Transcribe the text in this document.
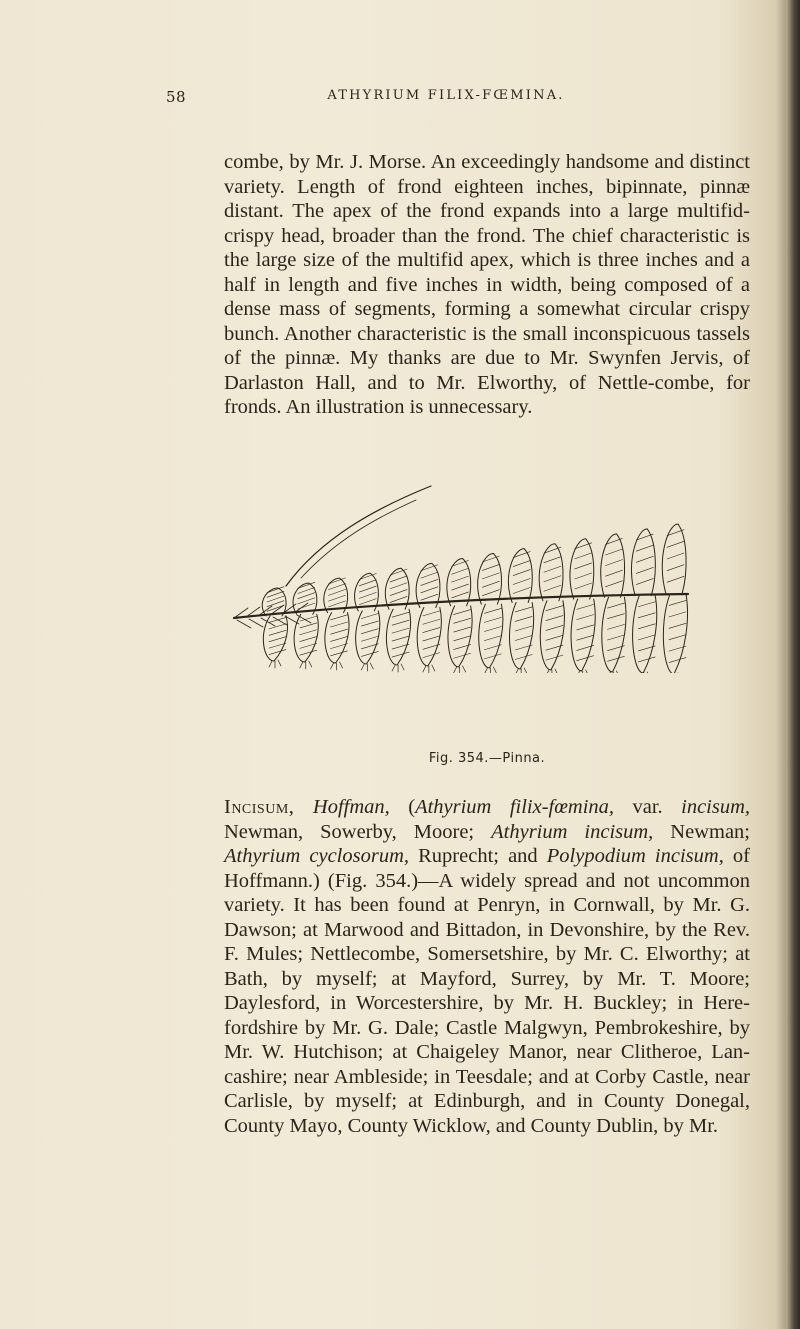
58	ATHYRIUM FILIX-FŒMINA.

combe, by Mr. J. Morse. An exceedingly handsome and distinct variety. Length of frond eighteen inches, bipinnate, pinnæ distant. The apex of the frond expands into a large multifid-crispy head, broader than the frond. The chief characteristic is the large size of the multifid apex, which is three inches and a half in length and five inches in width, being composed of a dense mass of segments, forming a somewhat circular crispy bunch. Another characteristic is the small inconspicuous tassels of the pinnæ. My thanks are due to Mr. Swynfen Jervis, of Darlaston Hall, and to Mr. Elworthy, of Nettle-combe, for fronds. An illustration is unnecessary.

Fig. 354.—Pinna.

Incisum, Hoffman, (Athyrium filix-fœmina, var. incisum, Newman, Sowerby, Moore; Athyrium incisum, Newman; Athyrium cyclosorum, Ruprecht; and Polypodium incisum, of Hoffmann.) (Fig. 354.)—A widely spread and not uncommon variety. It has been found at Penryn, in Cornwall, by Mr. G. Dawson; at Marwood and Bittadon, in Devonshire, by the Rev. F. Mules; Nettlecombe, Somersetshire, by Mr. C. Elworthy; at Bath, by myself; at Mayford, Surrey, by Mr. T. Moore; Daylesford, in Worcestershire, by Mr. H. Buckley; in Here-fordshire by Mr. G. Dale; Castle Malgwyn, Pembrokeshire, by Mr. W. Hutchison; at Chaigeley Manor, near Clitheroe, Lan-cashire; near Ambleside; in Teesdale; and at Corby Castle, near Carlisle, by myself; at Edinburgh, and in County Donegal, County Mayo, County Wicklow, and County Dublin, by Mr.
